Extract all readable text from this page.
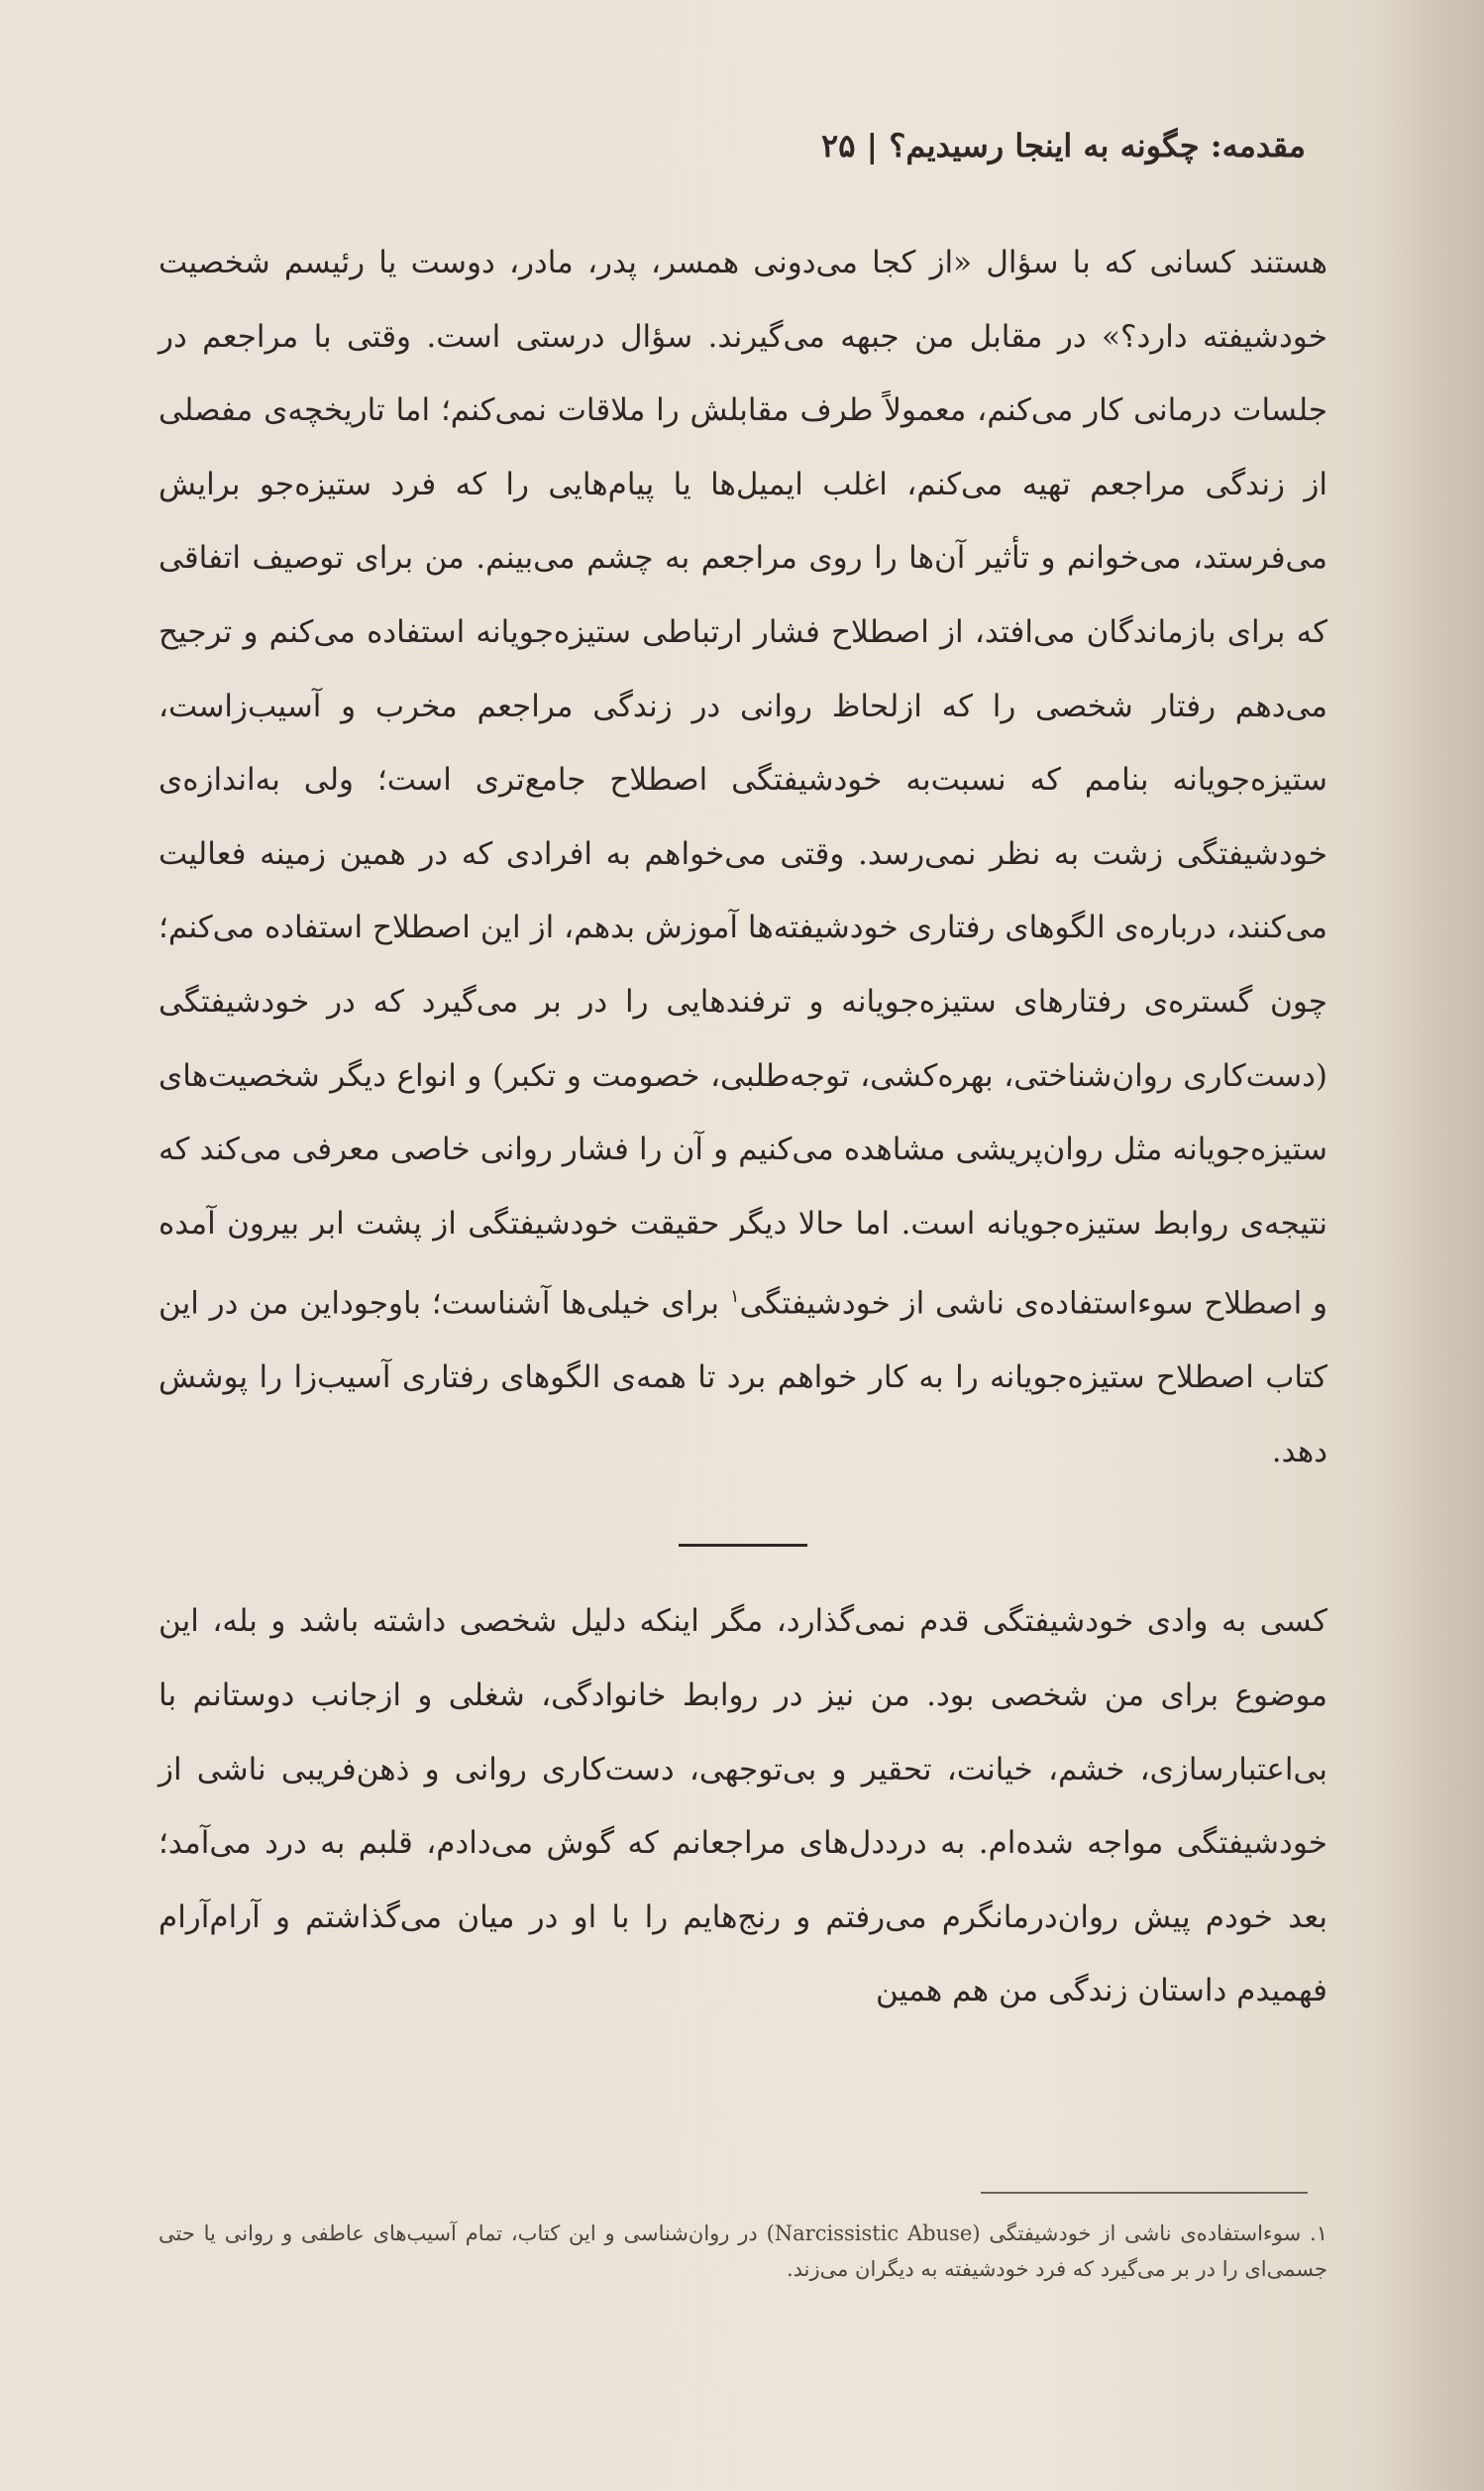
مقدمه: چگونه به اینجا رسیدیم؟ | ۲۵

هستند کسانی که با سؤال «از کجا می‌دونی همسر، پدر، مادر، دوست یا رئیسم شخصیت خودشیفته دارد؟» در مقابل من جبهه می‌گیرند. سؤال درستی است. وقتی با مراجعم در جلسات درمانی کار می‌کنم، معمولاً طرف مقابلش را ملاقات نمی‌کنم؛ اما تاریخچه‌ی مفصلی از زندگی مراجعم تهیه می‌کنم، اغلب ایمیل‌ها یا پیام‌هایی را که فرد ستیزه‌جو برایش می‌فرستد، می‌خوانم و تأثیر آن‌ها را روی مراجعم به چشم می‌بینم. من برای توصیف اتفاقی که برای بازماندگان می‌افتد، از اصطلاح فشار ارتباطی ستیزه‌جویانه استفاده می‌کنم و ترجیح می‌دهم رفتار شخصی را که ازلحاظ روانی در زندگی مراجعم مخرب و آسیب‌زاست، ستیزه‌جویانه بنامم که نسبت‌به خودشیفتگی اصطلاح جامع‌تری است؛ ولی به‌اندازه‌ی خودشیفتگی زشت به نظر نمی‌رسد. وقتی می‌خواهم به افرادی که در همین زمینه فعالیت می‌کنند، درباره‌ی الگوهای رفتاری خودشیفته‌ها آموزش بدهم، از این اصطلاح استفاده می‌کنم؛ چون گستره‌ی رفتارهای ستیزه‌جویانه و ترفندهایی را در بر می‌گیرد که در خودشیفتگی (دست‌کاری روان‌شناختی، بهره‌کشی، توجه‌طلبی، خصومت و تکبر) و انواع دیگر شخصیت‌های ستیزه‌جویانه مثل روان‌پریشی مشاهده می‌کنیم و آن را فشار روانی خاصی معرفی می‌کند که نتیجه‌ی روابط ستیزه‌جویانه است. اما حالا دیگر حقیقت خودشیفتگی از پشت ابر بیرون آمده و اصطلاح سوءاستفاده‌ی ناشی از خودشیفتگی$^۱$ برای خیلی‌ها آشناست؛ باوجوداین من در این کتاب اصطلاح ستیزه‌جویانه را به کار خواهم برد تا همه‌ی الگوهای رفتاری آسیب‌زا را پوشش دهد.

کسی به وادی خودشیفتگی قدم نمی‌گذارد، مگر اینکه دلیل شخصی داشته باشد و بله، این موضوع برای من شخصی بود. من نیز در روابط خانوادگی، شغلی و ازجانب دوستانم با بی‌اعتبارسازی، خشم، خیانت، تحقیر و بی‌توجهی، دست‌کاری روانی و ذهن‌فریبی ناشی از خودشیفتگی مواجه شده‌ام. به درددل‌های مراجعانم که گوش می‌دادم، قلبم به درد می‌آمد؛ بعد خودم پیش روان‌درمانگرم می‌رفتم و رنج‌هایم را با او در میان می‌گذاشتم و آرام‌آرام فهمیدم داستان زندگی من هم همین

۱. سوءاستفاده‌ی ناشی از خودشیفتگی (Narcissistic Abuse) در روان‌شناسی و این کتاب، تمام آسیب‌های عاطفی و روانی یا حتی جسمی‌ای را در بر می‌گیرد که فرد خودشیفته به دیگران می‌زند.
